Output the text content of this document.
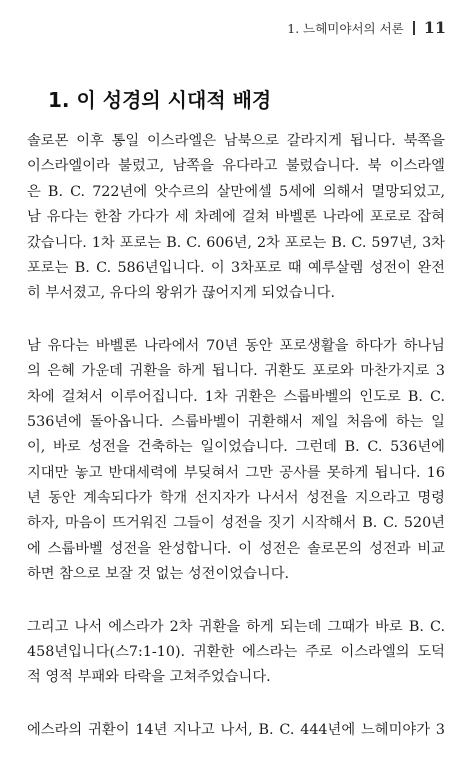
1. 느헤미야서의 서론 11
1. 이 성경의 시대적 배경
솔로몬 이후 통일 이스라엘은 남북으로 갈라지게 됩니다. 북쪽을
이스라엘이라 불렀고, 남쪽을 유다라고 불렀습니다. 북 이스라엘
은 B. C. 722년에 앗수르의 살만에셀 5세에 의해서 멸망되었고,
남 유다는 한참 가다가 세 차례에 걸쳐 바벨론 나라에 포로로 잡혀
갔습니다. 1차 포로는 B. C. 606년, 2차 포로는 B. C. 597년, 3차
포로는 B. C. 586년입니다. 이 3차포로 때 예루살렘 성전이 완전
히 부서졌고, 유다의 왕위가 끊어지게 되었습니다.
남 유다는 바벨론 나라에서 70년 동안 포로생활을 하다가 하나님
의 은혜 가운데 귀환을 하게 됩니다. 귀환도 포로와 마찬가지로 3
차에 걸쳐서 이루어집니다. 1차 귀환은 스룹바벨의 인도로 B. C.
536년에 돌아옵니다. 스룹바벨이 귀환해서 제일 처음에 하는 일
이, 바로 성전을 건축하는 일이었습니다. 그런데 B. C. 536년에
지대만 놓고 반대세력에 부딪혀서 그만 공사를 못하게 됩니다. 16
년 동안 계속되다가 학개 선지자가 나서서 성전을 지으라고 명령
하자, 마음이 뜨거워진 그들이 성전을 짓기 시작해서 B. C. 520년
에 스룹바벨 성전을 완성합니다. 이 성전은 솔로몬의 성전과 비교
하면 참으로 보잘 것 없는 성전이었습니다.
그리고 나서 에스라가 2차 귀환을 하게 되는데 그때가 바로 B. C.
458년입니다(스7:1-10). 귀환한 에스라는 주로 이스라엘의 도덕
적 영적 부패와 타락을 고쳐주었습니다.
에스라의 귀환이 14년 지나고 나서, B. C. 444년에 느헤미야가 3
